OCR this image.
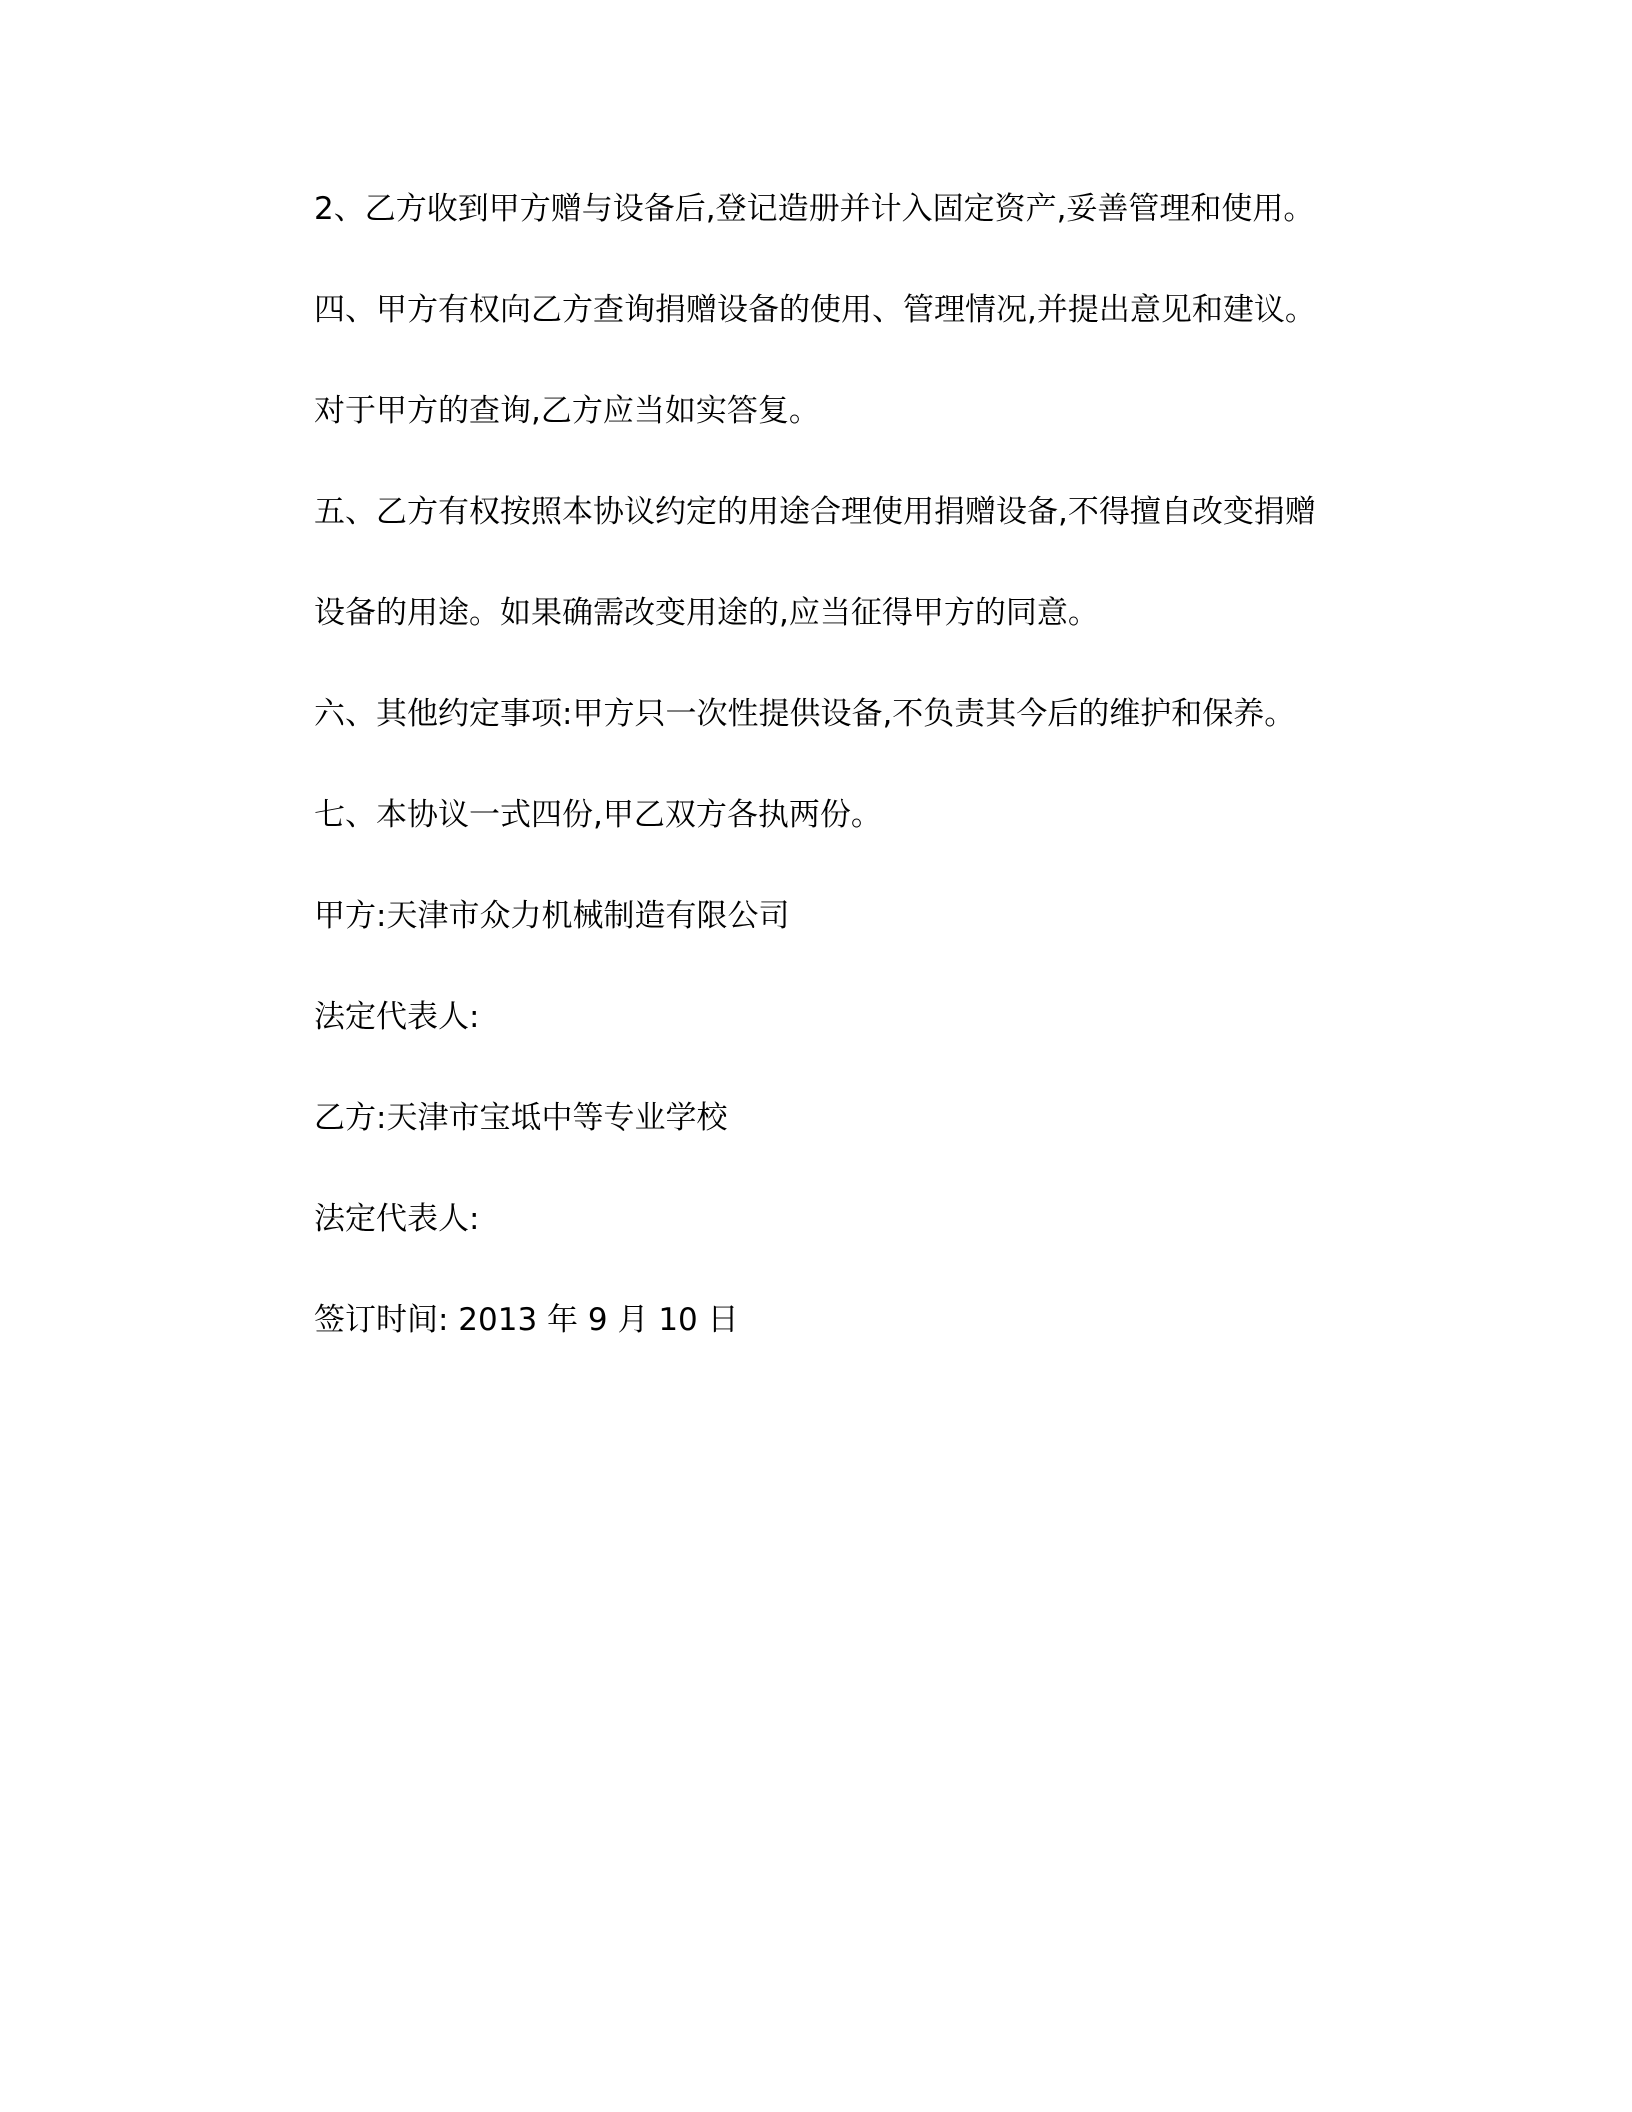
2、乙方收到甲方赠与设备后,登记造册并计入固定资产,妥善管理和使用。
四、甲方有权向乙方查询捐赠设备的使用、管理情况,并提出意见和建议。
对于甲方的查询,乙方应当如实答复。
五、乙方有权按照本协议约定的用途合理使用捐赠设备,不得擅自改变捐赠
设备的用途。如果确需改变用途的,应当征得甲方的同意。
六、其他约定事项:甲方只一次性提供设备,不负责其今后的维护和保养。
七、本协议一式四份,甲乙双方各执两份。
甲方:天津市众力机械制造有限公司
法定代表人:
乙方:天津市宝坻中等专业学校
法定代表人:
签订时间: 2013 年 9 月 10 日
